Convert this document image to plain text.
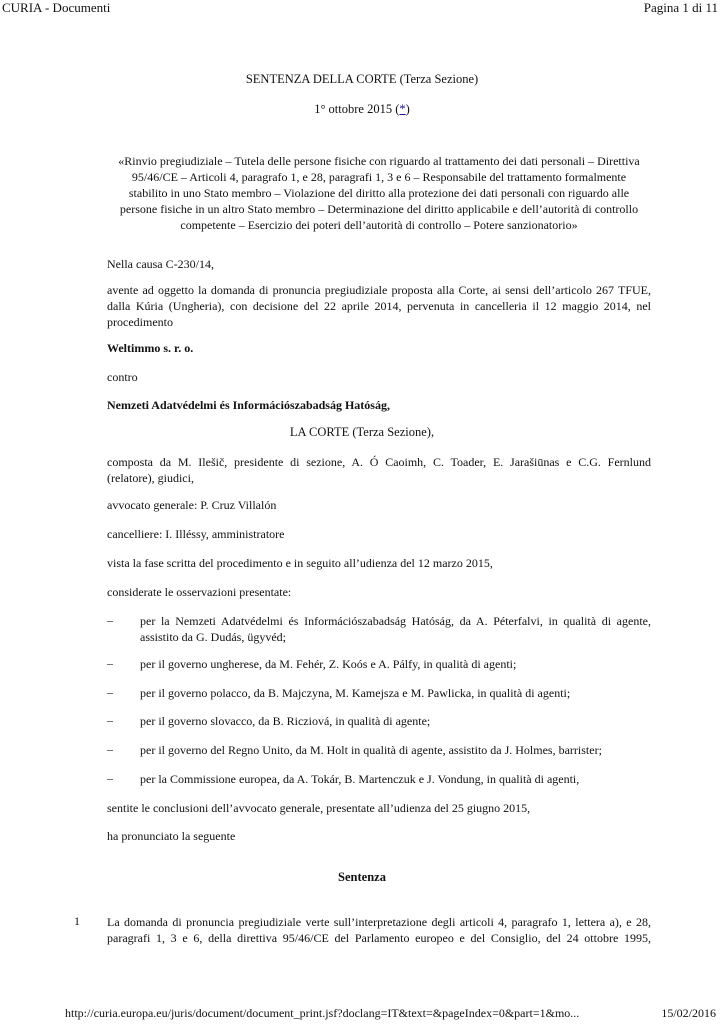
CURIA - Documenti	Pagina 1 di 11
SENTENZA DELLA CORTE (Terza Sezione)
1° ottobre 2015 (*)
«Rinvio pregiudiziale – Tutela delle persone fisiche con riguardo al trattamento dei dati personali – Direttiva
95/46/CE – Articoli 4, paragrafo 1, e 28, paragrafi 1, 3 e 6 – Responsabile del trattamento formalmente
stabilito in uno Stato membro – Violazione del diritto alla protezione dei dati personali con riguardo alle
persone fisiche in un altro Stato membro – Determinazione del diritto applicabile e dell’autorità di controllo
competente – Esercizio dei poteri dell’autorità di controllo – Potere sanzionatorio»
Nella causa C‑230/14,
avente ad oggetto la domanda di pronuncia pregiudiziale proposta alla Corte, ai sensi dell’articolo 267 TFUE,
dalla Kúria (Ungheria), con decisione del 22 aprile 2014, pervenuta in cancelleria il 12 maggio 2014, nel
procedimento
Weltimmo s. r. o.
contro
Nemzeti Adatvédelmi és Információszabadság Hatóság,
LA CORTE (Terza Sezione),
composta da M. Ilešič, presidente di sezione, A. Ó Caoimh, C. Toader, E. Jarašiūnas e C.G. Fernlund
(relatore), giudici,
avvocato generale: P. Cruz Villalón
cancelliere: I. Illéssy, amministratore
vista la fase scritta del procedimento e in seguito all’udienza del 12 marzo 2015,
considerate le osservazioni presentate:
– per la Nemzeti Adatvédelmi és Információszabadság Hatóság, da A. Péterfalvi, in qualità di agente,
assistito da G. Dudás, ügyvéd;
– per il governo ungherese, da M. Fehér, Z. Koós e A. Pálfy, in qualità di agenti;
– per il governo polacco, da B. Majczyna, M. Kamejsza e M. Pawlicka, in qualità di agenti;
– per il governo slovacco, da B. Ricziová, in qualità di agente;
– per il governo del Regno Unito, da M. Holt in qualità di agente, assistito da J. Holmes, barrister;
– per la Commissione europea, da A. Tokár, B. Martenczuk e J. Vondung, in qualità di agenti,
sentite le conclusioni dell’avvocato generale, presentate all’udienza del 25 giugno 2015,
ha pronunciato la seguente
Sentenza
1 La domanda di pronuncia pregiudiziale verte sull’interpretazione degli articoli 4, paragrafo 1, lettera a), e 28,
paragrafi 1, 3 e 6, della direttiva 95/46/CE del Parlamento europeo e del Consiglio, del 24 ottobre 1995,
http://curia.europa.eu/juris/document/document_print.jsf?doclang=IT&text=&pageIndex=0&part=1&mo...	15/02/2016
